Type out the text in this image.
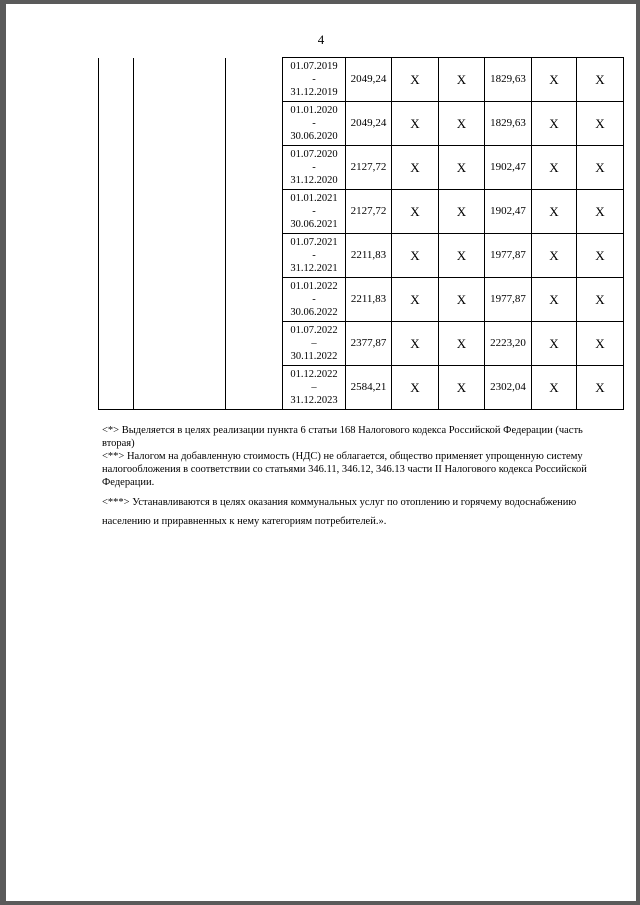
4

			01.07.2019
-
31.12.2019	2049,24	X	X	1829,63	X	X

			01.01.2020
-
30.06.2020	2049,24	X	X	1829,63	X	X

			01.07.2020
-
31.12.2020	2127,72	X	X	1902,47	X	X

			01.01.2021
-
30.06.2021	2127,72	X	X	1902,47	X	X

			01.07.2021
-
31.12.2021	2211,83	X	X	1977,87	X	X

			01.01.2022
-
30.06.2022	2211,83	X	X	1977,87	X	X

			01.07.2022
–
30.11.2022	2377,87	X	X	2223,20	X	X

			01.12.2022
–
31.12.2023	2584,21	X	X	2302,04	X	X

<*> Выделяется в целях реализации пункта 6 статьи 168 Налогового кодекса Российской Федерации (часть вторая)

<**> Налогом на добавленную стоимость (НДС) не облагается, общество применяет упрощенную систему налогообложения в соответствии со статьями 346.11, 346.12, 346.13 части II Налогового кодекса Российской Федерации.

<***> Устанавливаются в целях оказания коммунальных услуг по отоплению и горячему водоснабжению населению и приравненных к нему категориям потребителей.».
